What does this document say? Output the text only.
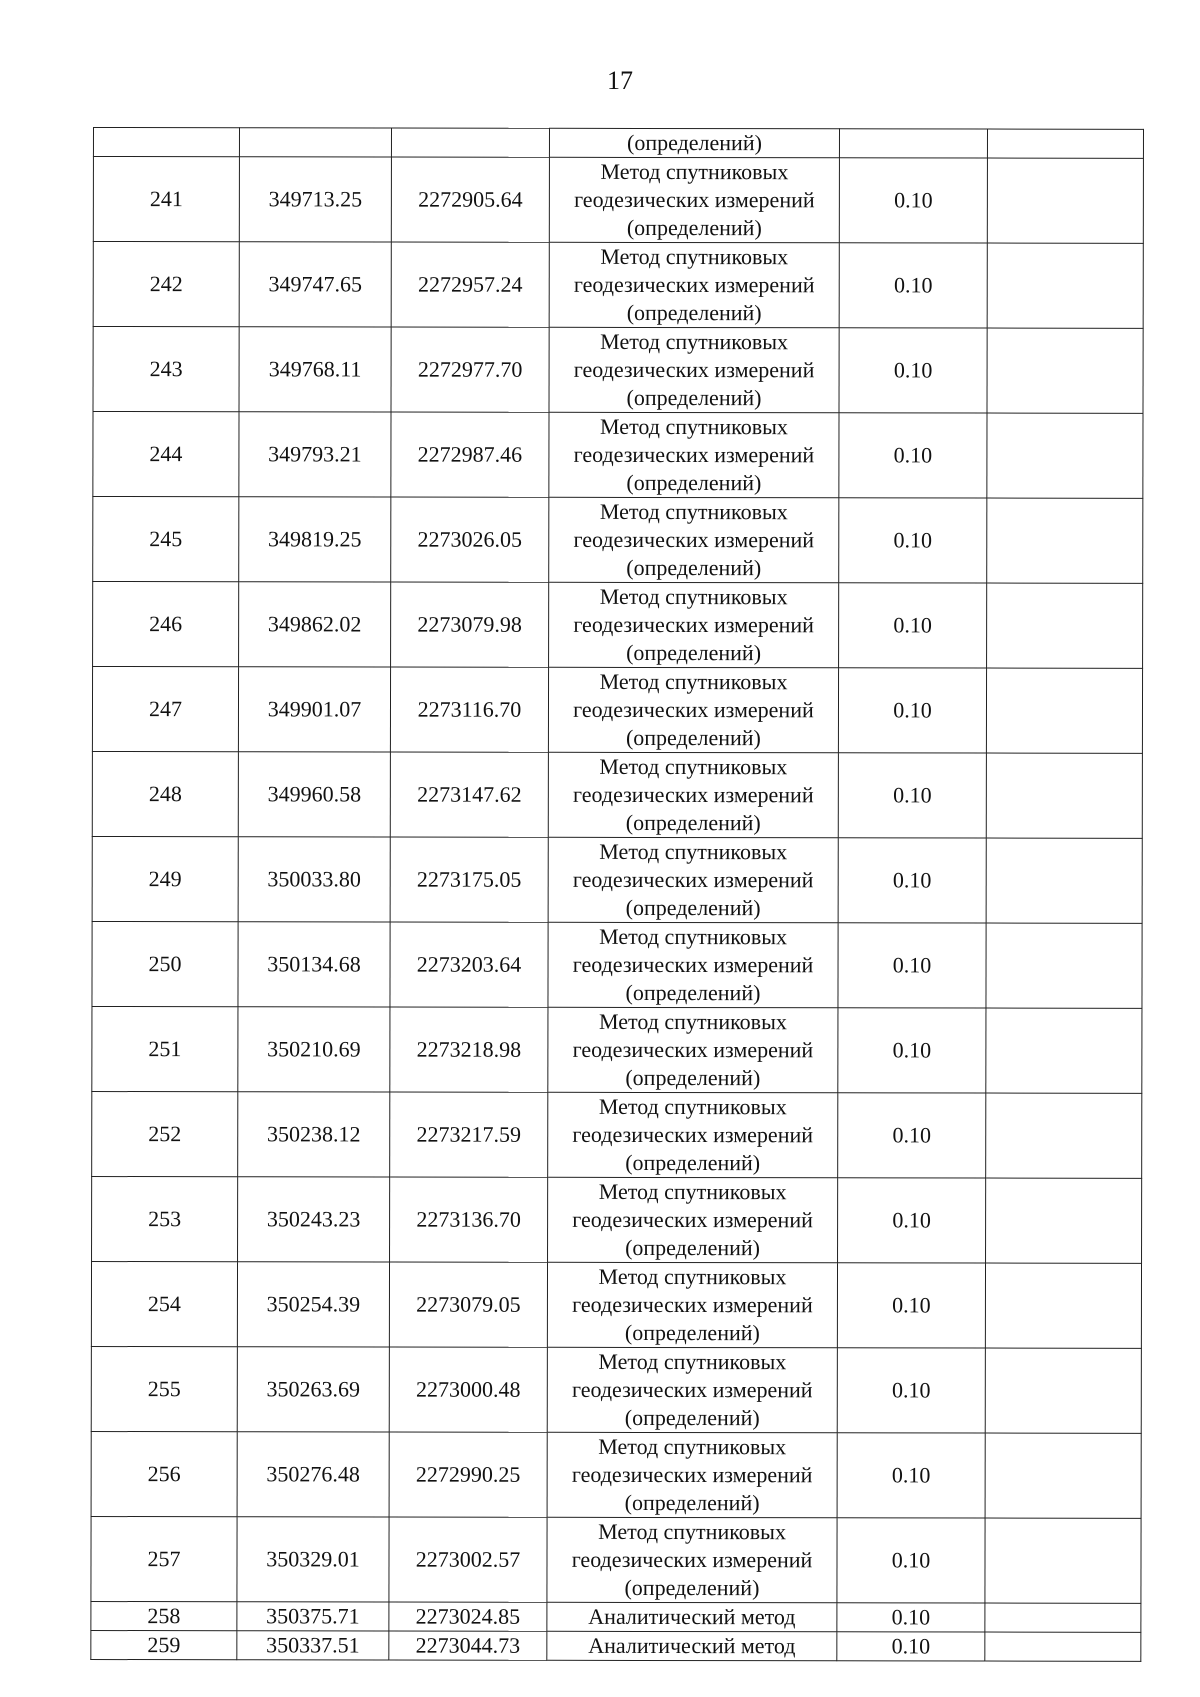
17
			(определений)		
241	349713.25	2272905.64	Метод спутниковых
геодезических измерений
(определений)	0.10	
242	349747.65	2272957.24	Метод спутниковых
геодезических измерений
(определений)	0.10	
243	349768.11	2272977.70	Метод спутниковых
геодезических измерений
(определений)	0.10	
244	349793.21	2272987.46	Метод спутниковых
геодезических измерений
(определений)	0.10	
245	349819.25	2273026.05	Метод спутниковых
геодезических измерений
(определений)	0.10	
246	349862.02	2273079.98	Метод спутниковых
геодезических измерений
(определений)	0.10	
247	349901.07	2273116.70	Метод спутниковых
геодезических измерений
(определений)	0.10	
248	349960.58	2273147.62	Метод спутниковых
геодезических измерений
(определений)	0.10	
249	350033.80	2273175.05	Метод спутниковых
геодезических измерений
(определений)	0.10	
250	350134.68	2273203.64	Метод спутниковых
геодезических измерений
(определений)	0.10	
251	350210.69	2273218.98	Метод спутниковых
геодезических измерений
(определений)	0.10	
252	350238.12	2273217.59	Метод спутниковых
геодезических измерений
(определений)	0.10	
253	350243.23	2273136.70	Метод спутниковых
геодезических измерений
(определений)	0.10	
254	350254.39	2273079.05	Метод спутниковых
геодезических измерений
(определений)	0.10	
255	350263.69	2273000.48	Метод спутниковых
геодезических измерений
(определений)	0.10	
256	350276.48	2272990.25	Метод спутниковых
геодезических измерений
(определений)	0.10	
257	350329.01	2273002.57	Метод спутниковых
геодезических измерений
(определений)	0.10	
258	350375.71	2273024.85	Аналитический метод	0.10	
259	350337.51	2273044.73	Аналитический метод	0.10	
